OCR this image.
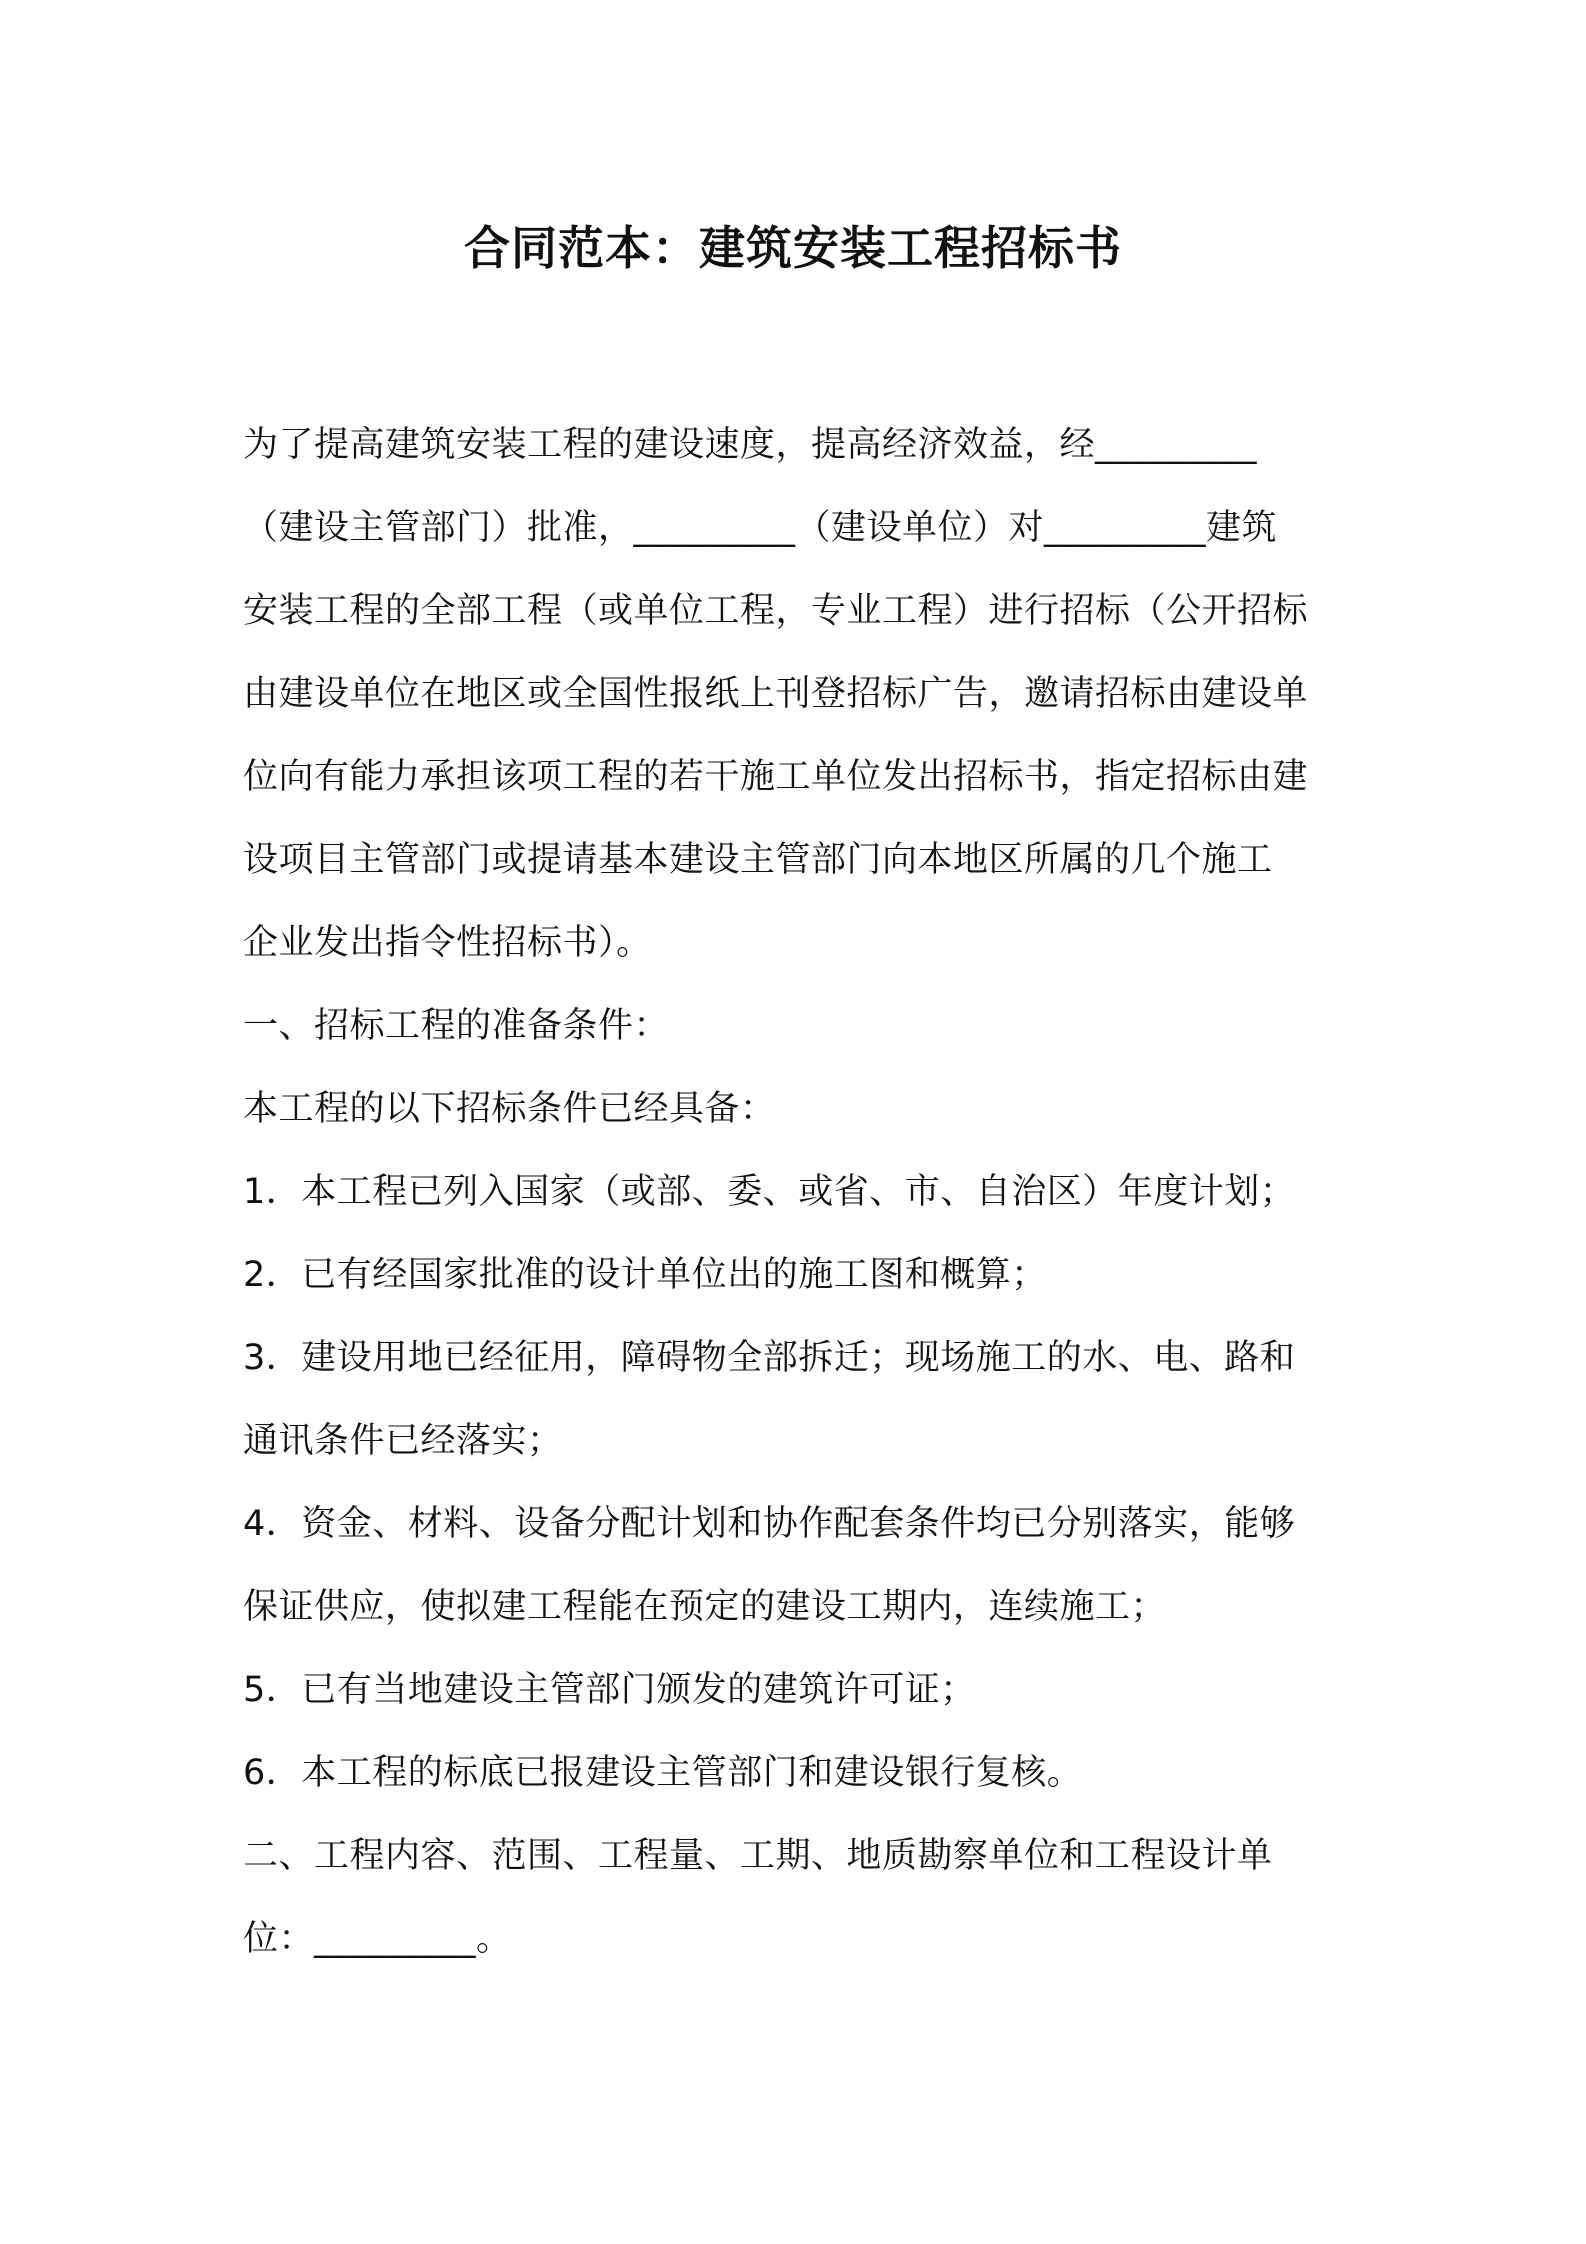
合同范本：建筑安装工程招标书
为了提高建筑安装工程的建设速度，提高经济效益，经_________
（建设主管部门）批准，_________（建设单位）对_________建筑
安装工程的全部工程（或单位工程，专业工程）进行招标（公开招标
由建设单位在地区或全国性报纸上刊登招标广告，邀请招标由建设单
位向有能力承担该项工程的若干施工单位发出招标书，指定招标由建
设项目主管部门或提请基本建设主管部门向本地区所属的几个施工
企业发出指令性招标书）。
一、招标工程的准备条件：
本工程的以下招标条件已经具备：
1．本工程已列入国家（或部、委、或省、市、自治区）年度计划；
2．已有经国家批准的设计单位出的施工图和概算；
3．建设用地已经征用，障碍物全部拆迁；现场施工的水、电、路和
通讯条件已经落实；
4．资金、材料、设备分配计划和协作配套条件均已分别落实，能够
保证供应，使拟建工程能在预定的建设工期内，连续施工；
5．已有当地建设主管部门颁发的建筑许可证；
6．本工程的标底已报建设主管部门和建设银行复核。
二、工程内容、范围、工程量、工期、地质勘察单位和工程设计单
位：_________。
